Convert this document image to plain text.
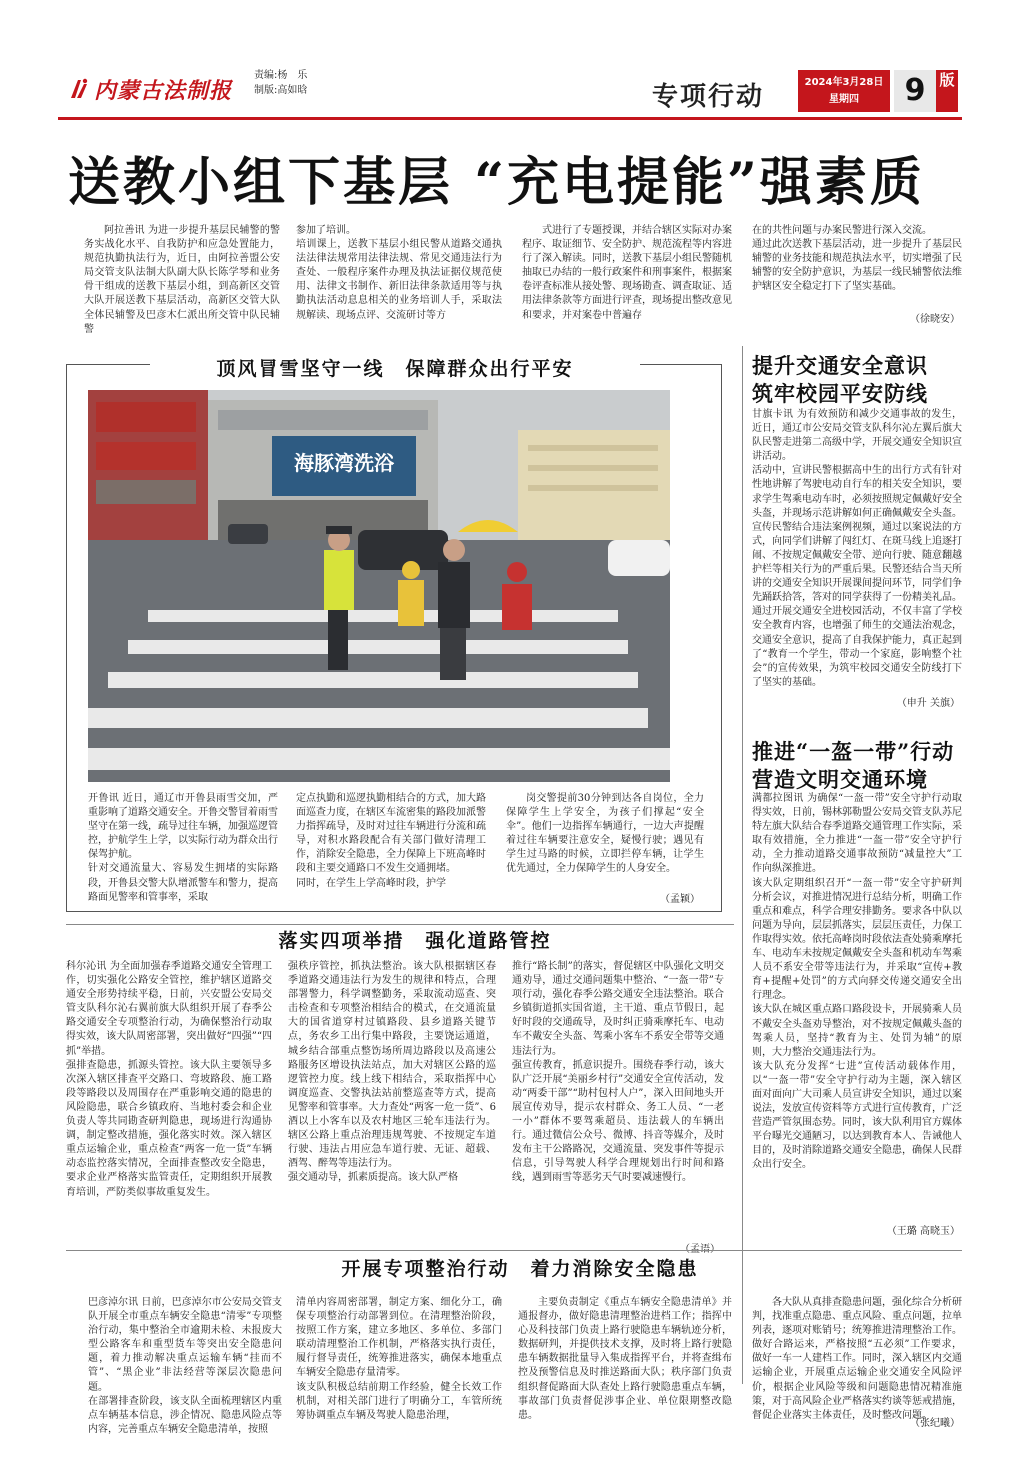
内蒙古法制报
责编:杨　乐
制版:高如晗	专项行动	2024年3月28日
星期四	9 版
送教小组下基层 “充电提能”强素质

阿拉善讯 为进一步提升基层民辅警的警务实战化水平、自我防护和应急处置能力，规范执勤执法行为，近日，由阿拉善盟公安局交管支队法制大队副大队长陈学琴和业务骨干组成的送教下基层小组，到高新区交管大队开展送教下基层活动，高新区交管大队全体民辅警及巴彦木仁派出所交管中队民辅警

参加了培训。
培训课上，送教下基层小组民警从道路交通执法法律法规常用法律法规、常见交通违法行为查处、一般程序案件办理及执法证据仪规范使用、法律文书制作、新旧法律条款适用等与执勤执法活动息息相关的业务培训人手，采取法规解读、现场点评、交流研讨等方

式进行了专题授课，并结合辖区实际对办案程序、取证细节、安全防护、规范流程等内容进行了深入解读。同时，送教下基层小组民警随机抽取已办结的一般行政案件和刑事案件，根据案卷评查标准从接处警、现场勘查、调查取证、适用法律条款等方面进行评查，现场提出整改意见和要求，并对案卷中普遍存

在的共性问题与办案民警进行深入交流。
通过此次送教下基层活动，进一步提升了基层民辅警的业务技能和规范执法水平，切实增强了民辅警的安全防护意识，为基层一线民辅警依法维护辖区安全稳定打下了坚实基础。
（徐晓安）
顶风冒雪坚守一线　保障群众出行平安
海豚湾洗浴
开鲁讯 近日，通辽市开鲁县雨雪交加，严重影响了道路交通安全。开鲁交警冒着雨雪坚守在第一线，疏导过往车辆，加强巡逻管控，护航学生上学，以实际行动为群众出行保驾护航。
针对交通流量大、容易发生拥堵的实际路段，开鲁县交警大队增派警车和警力，提高路面见警率和管事率，采取
定点执勤和巡逻执勤相结合的方式，加大路面巡查力度，在辖区车流密集的路段加派警力指挥疏导，及时对过往车辆进行分流和疏导，对积水路段配合有关部门做好清理工作，消除安全隐患，全力保障上下班高峰时段和主要交通路口不发生交通拥堵。
同时，在学生上学高峰时段，护学

岗交警提前30分钟到达各自岗位，全力保障学生上学安全，为孩子们撑起“安全伞”。他们一边指挥车辆通行，一边大声提醒着过往车辆要注意安全，疑慢行驶；遇见有学生过马路的时候，立即拦停车辆，让学生优先通过，全力保障学生的人身安全。

（孟颖）
提升交通安全意识
筑牢校园平安防线
甘旗卡讯 为有效预防和减少交通事故的发生，近日，通辽市公安局交管支队科尔沁左翼后旗大队民警走进第二高级中学，开展交通安全知识宣讲活动。
活动中，宣讲民警根据高中生的出行方式有针对性地讲解了驾驶电动自行车的相关安全知识，要求学生驾乘电动车时，必须按照规定佩戴好安全头盔，并现场示范讲解如何正确佩戴安全头盔。
宣传民警结合违法案例视频，通过以案说法的方式，向同学们讲解了闯红灯、在斑马线上追逐打闹、不按规定佩戴安全带、逆向行驶、随意翻越护栏等相关行为的严重后果。民警还结合当天所讲的交通安全知识开展课间提问环节，同学们争先踊跃拾答，答对的同学获得了一份精美礼品。
通过开展交通安全进校园活动，不仅丰富了学校安全教育内容，也增强了师生的交通法治观念，交通安全意识，提高了自我保护能力，真正起到了“教育一个学生，带动一个家庭，影响整个社会”的宣传效果，为筑牢校园交通安全防线打下了坚实的基础。
（申升 关旗）
推进“一盔一带”行动
营造文明交通环境
满都拉图讯 为确保“一盔一带”安全守护行动取得实效，日前，锡林郭勒盟公安局交管支队苏尼特左旗大队结合春季道路交通管理工作实际，采取有效措施，全力推进“一盔一带”安全守护行动，全力推动道路交通事故预防“减量控大”工作向纵深推进。
该大队定期组织召开“一盔一带”安全守护研判分析会议，对推进情况进行总结分析，明确工作重点和难点，科学合理安排勤务。要求各中队以问题为导向，层层抓落实，层层压责任，力保工作取得实效。依托高峰岗时段依法查处骑乘摩托车、电动车未按规定佩戴安全头盔和机动车驾乘人员不系安全带等违法行为，并采取“宣传+教育+提醒+处罚”的方式向驿交传递交通安全出行理念。
该大队在城区重点路口路段设卡，开展骑乘人员不戴安全头盔劝导整治，对不按规定佩戴头盔的驾乘人员，坚持“教育为主、处罚为辅”的原则，大力整治交通违法行为。
该大队充分发挥“七进”宣传活动载体作用，以“一盔一带”安全守护行动为主题，深入辖区面对面向广大司乘人员宣讲安全知识，通过以案说法，发放宣传资料等方式进行宣传教育，广泛营造严管氛围态势。同时，该大队利用官方媒体平台曝光交通陋习，以达到教育本人、告诫他人目的，及时消除道路交通安全隐患，确保人民群众出行安全。
（王璐 高晓玉）
落实四项举措　强化道路管控
科尔沁讯 为全面加强春季道路交通安全管理工作，切实强化公路安全管控，维护辖区道路交通安全形势持续平稳，日前，兴安盟公安局交管支队科尔沁右翼前旗大队组织开展了春季公路交通安全专项整治行动，为确保整治行动取得实效，该大队周密部署，突出做好“四强”“四抓”举措。
强排查隐患，抓源头管控。该大队主要领导多次深入辖区排查平交路口、弯坡路段、施工路段等路段以及周围存在严重影响交通的隐患的风险隐患，联合乡镇政府、当地村委会和企业负责人等共同勘查研判隐患，现场进行沟通协调，制定整改措施，强化落实时效。深入辖区重点运输企业，重点检查“两客一危一货”车辆动态监控落实情况，全面排查整改安全隐患，要求企业严格落实监管责任，定期组织开展教育培训，严防类似事故重复发生。
强秩序管控，抓执法整治。该大队根据辖区春季道路交通违法行为发生的规律和特点，合理部署警力，科学调整勤务，采取流动巡查、突击检查和专项整治相结合的模式，在交通流量大的国省道穿村过镇路段、县乡道路关键节点，务农乡工出行集中路段，主要饶运通道，城乡结合部重点整饬场所周边路段以及高速公路服务区增设执法站点，加大对辖区公路的巡逻管控力度。线上线下相结合，采取指挥中心调度巡查、交警执法站前整巡查等方式，提高见警率和管事率。大力查处“两客一危一货”、6酒以上小客车以及农村地区三轮车违法行为。辖区公路上重点治理违规驾驶、不按规定车道行驶、违法占用应急车道行驶、无证、超载、酒驾、醉驾等违法行为。
强交通动导，抓素质提高。该大队严格
推行“路长制”的落实，督促辖区中队强化文明交通劝导，通过交通问题集中整治、“一盔一带”专项行动，强化春季公路交通安全违法整治。联合乡镇街道抓实国省道，主干道、重点节假日，起好时段的交通疏导，及时纠正骑乘摩托车、电动车不戴安全头盔、驾乘小客车不系安全带等交通违法行为。
强宣传教育，抓意识提升。围绕春季行动，该大队广泛开展“美丽乡村行”交通安全宣传活动，发动“两委干部”“助村包村人户”，深入田间地头开展宣传劝导，提示农村群众、务工人员、“一老一小”群体不要驾乘超员、违法载人的车辆出行。通过微信公众号、微博、抖音等媒介，及时发布主干公路路况，交通流量、突发事件等提示信息，引导驾驶人科学合理规划出行时间和路线，遇到雨雪等恶劣天气时要减速慢行。
开展专项整治行动　着力消除安全隐患
巴彦淖尔讯 日前，巴彦淖尔市公安局交管支队开展全市重点车辆安全隐患“清零”专项整治行动，集中整治全市逾期未检、未报废大型公路客车和重型货车等突出安全隐患问题，着力推动解决重点运输车辆“挂而不管”、“黑企业”非法经营等深层次隐患问题。
在部署排查阶段，该支队全面梳理辖区内重点车辆基本信息，涉企情况、隐患风险点等内容，完善重点车辆安全隐患清单，按照
清单内容周密部署，制定方案、细化分工，确保专项整治行动部署到位。在清理整治阶段，按照工作方案，建立多地区、多单位、多部门联动清理整治工作机制，严格落实执行责任，履行督导责任，统筹推进落实，确保本地重点车辆安全隐患存量清零。
该支队积极总结前期工作经验，健全长效工作机制，对相关部门进行了明确分工，车管所统筹协调重点车辆及驾驶人隐患治理，

主要负责制定《重点车辆安全隐患清单》并通报督办，做好隐患清理整治进档工作；指挥中心及科技部门负责上路行驶隐患车辆轨迹分析，数据研判，并提供技术支撑，及时将上路行驶隐患车辆数据批量导入集成指挥平台，并将查缉布控及预警信息及时推送路面大队；秩序部门负责组织督促路面大队查处上路行驶隐患重点车辆，事故部门负责督促涉事企业、单位限期整改隐患。

各大队从真排查隐患问题，强化综合分析研判，找准重点隐患、重点风险、重点问题，拉单列表，逐项对账销号；统筹推进清理整治工作。做好合路运来，严格按照“五必须”工作要求，做好一车一人建档工作。同时，深入辖区内交通运输企业，开展重点运输企业交通安全风险评价，根据企业风险等级和问题隐患情况精准施策，对于高风险企业严格落实约谈等惩戒措施，督促企业落实主体责任，及时整改问题。

（张纪曦）
